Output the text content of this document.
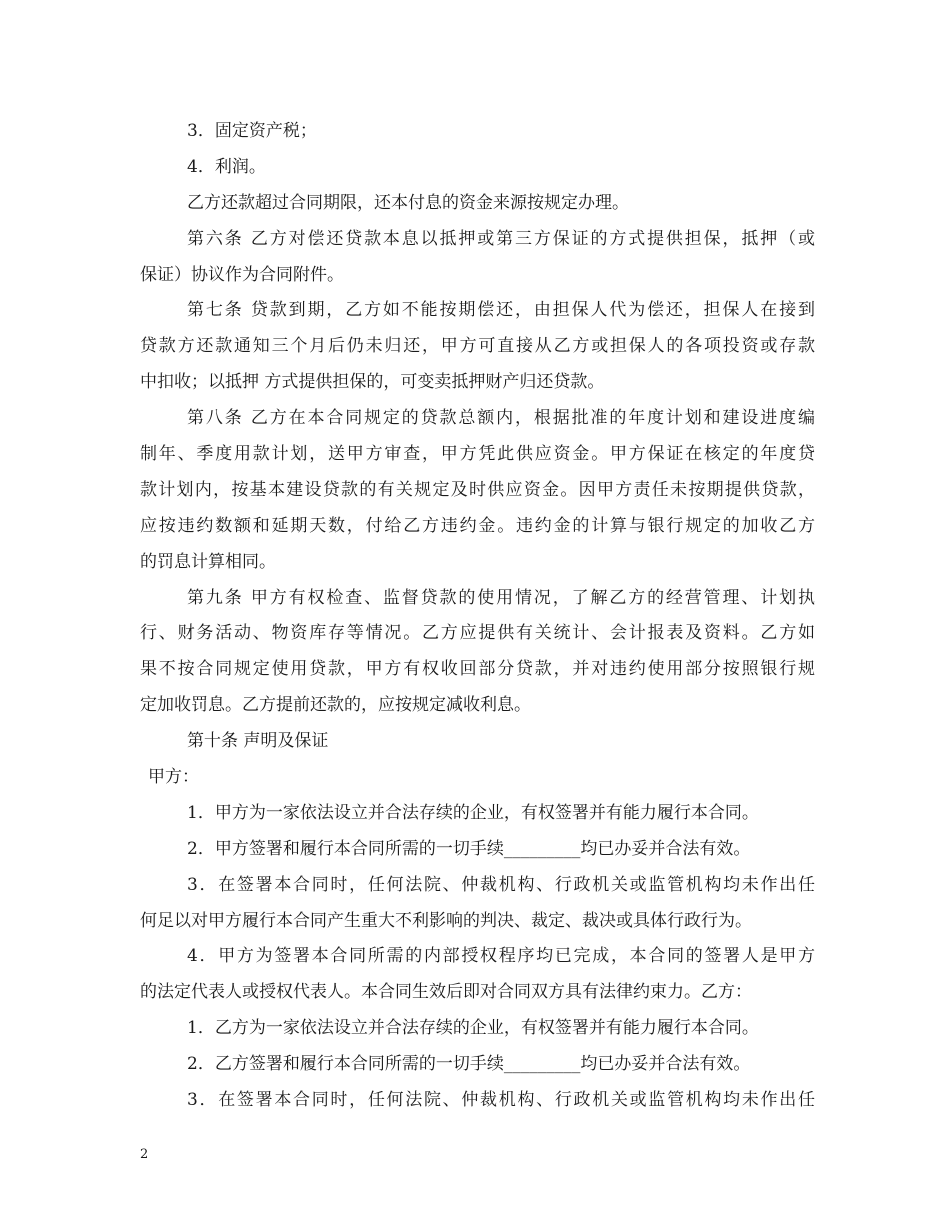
3．固定资产税；
4．利润。
乙方还款超过合同期限，还本付息的资金来源按规定办理。
第六条 乙方对偿还贷款本息以抵押或第三方保证的方式提供担保，抵押（或
保证）协议作为合同附件。
第七条 贷款到期，乙方如不能按期偿还，由担保人代为偿还，担保人在接到
贷款方还款通知三个月后仍未归还，甲方可直接从乙方或担保人的各项投资或存款
中扣收；以抵押 方式提供担保的，可变卖抵押财产归还贷款。
第八条 乙方在本合同规定的贷款总额内，根据批准的年度计划和建设进度编
制年、季度用款计划，送甲方审查，甲方凭此供应资金。甲方保证在核定的年度贷
款计划内，按基本建设贷款的有关规定及时供应资金。因甲方责任未按期提供贷款，
应按违约数额和延期天数，付给乙方违约金。违约金的计算与银行规定的加收乙方
的罚息计算相同。
第九条 甲方有权检查、监督贷款的使用情况，了解乙方的经营管理、计划执
行、财务活动、物资库存等情况。乙方应提供有关统计、会计报表及资料。乙方如
果不按合同规定使用贷款，甲方有权收回部分贷款，并对违约使用部分按照银行规
定加收罚息。乙方提前还款的，应按规定减收利息。
第十条 声明及保证
甲方：
1．甲方为一家依法设立并合法存续的企业，有权签署并有能力履行本合同。
2．甲方签署和履行本合同所需的一切手续_________均已办妥并合法有效。
3．在签署本合同时，任何法院、仲裁机构、行政机关或监管机构均未作出任
何足以对甲方履行本合同产生重大不利影响的判决、裁定、裁决或具体行政行为。
4．甲方为签署本合同所需的内部授权程序均已完成，本合同的签署人是甲方
的法定代表人或授权代表人。本合同生效后即对合同双方具有法律约束力。乙方：
1．乙方为一家依法设立并合法存续的企业，有权签署并有能力履行本合同。
2．乙方签署和履行本合同所需的一切手续_________均已办妥并合法有效。
3．在签署本合同时，任何法院、仲裁机构、行政机关或监管机构均未作出任
2
